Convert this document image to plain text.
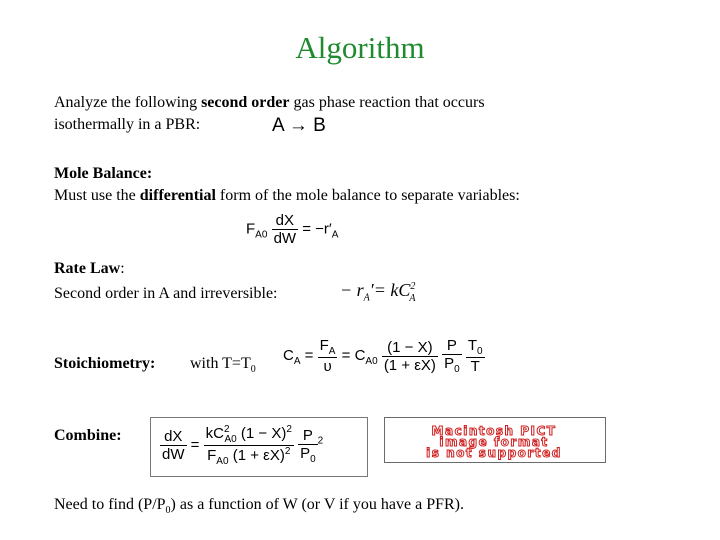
Algorithm
Analyze the following second order gas phase reaction that occurs
isothermally in a PBR:	A → B
Mole Balance:
Must use the differential form of the mole balance to separate variables:
$F_{A0} \frac{dX}{dW} = -r'_A$
Rate Law:
Second order in A and irreversible:	− $r_A'= kC^2_A$
Stoichiometry: with $T=T_0$
$C_A = \frac{F_A}{\upsilon} = C_{A0} \frac{(1 - X)}{(1 + \varepsilon X)}$
$\frac{P}{P_0}$
$\frac{T_0}{T}$
Combine:	$\frac{dX}{dW} = \frac{kC^2_{A0} (1 - X)^2}{F_{A0} (1 + \varepsilon X)^2}$
$\frac{P}{P_0} ^2$
Macintosh PICT
image format
is not supported
Need to find $(P/P_0)$ as a function of W (or V if you have a PFR).
